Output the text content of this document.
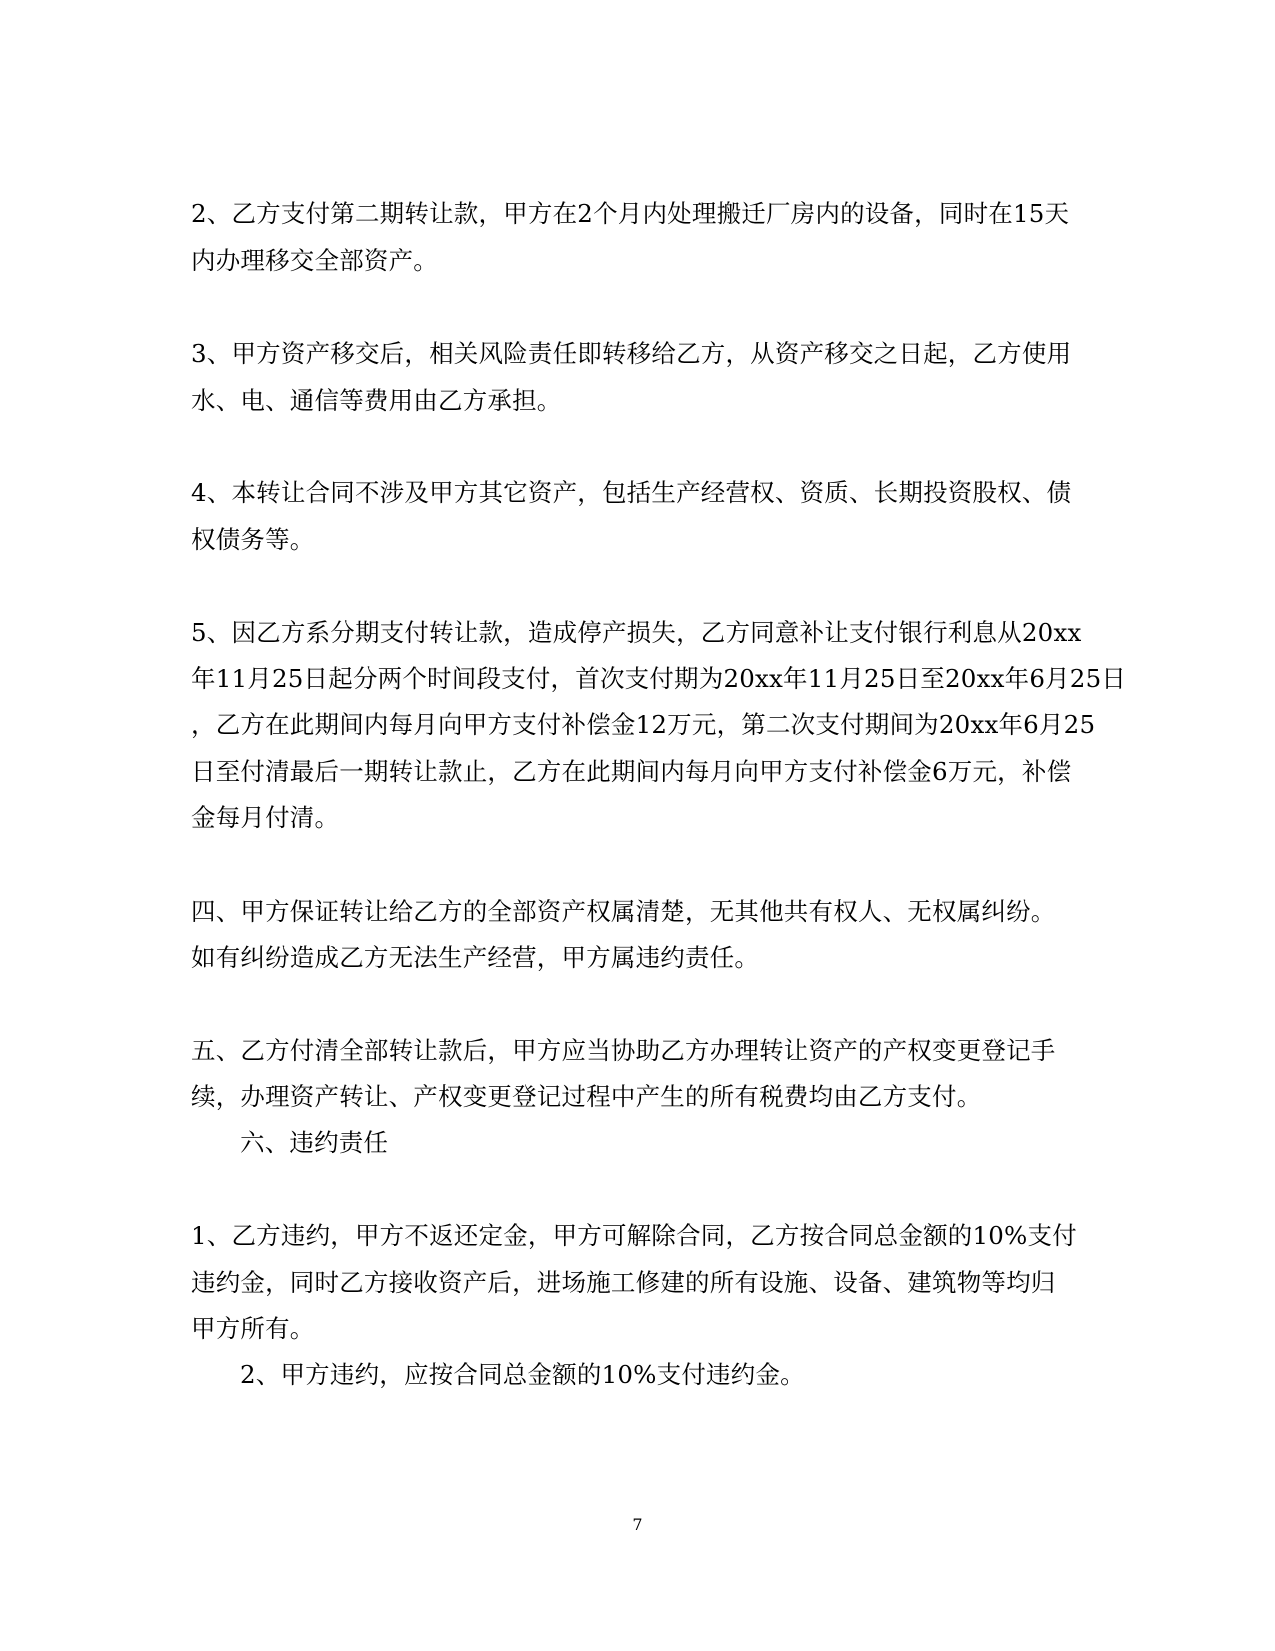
2、乙方支付第二期转让款，甲方在2个月内处理搬迁厂房内的设备，同时在15天
内办理移交全部资产。
3、甲方资产移交后，相关风险责任即转移给乙方，从资产移交之日起，乙方使用
水、电、通信等费用由乙方承担。
4、本转让合同不涉及甲方其它资产，包括生产经营权、资质、长期投资股权、债
权债务等。
5、因乙方系分期支付转让款，造成停产损失，乙方同意补让支付银行利息从20xx
年11月25日起分两个时间段支付，首次支付期为20xx年11月25日至20xx年6月25日
，乙方在此期间内每月向甲方支付补偿金12万元，第二次支付期间为20xx年6月25
日至付清最后一期转让款止，乙方在此期间内每月向甲方支付补偿金6万元，补偿
金每月付清。
四、甲方保证转让给乙方的全部资产权属清楚，无其他共有权人、无权属纠纷。
如有纠纷造成乙方无法生产经营，甲方属违约责任。
五、乙方付清全部转让款后，甲方应当协助乙方办理转让资产的产权变更登记手
续，办理资产转让、产权变更登记过程中产生的所有税费均由乙方支付。
六、违约责任
1、乙方违约，甲方不返还定金，甲方可解除合同，乙方按合同总金额的10%支付
违约金，同时乙方接收资产后，进场施工修建的所有设施、设备、建筑物等均归
甲方所有。
2、甲方违约，应按合同总金额的10%支付违约金。
7
